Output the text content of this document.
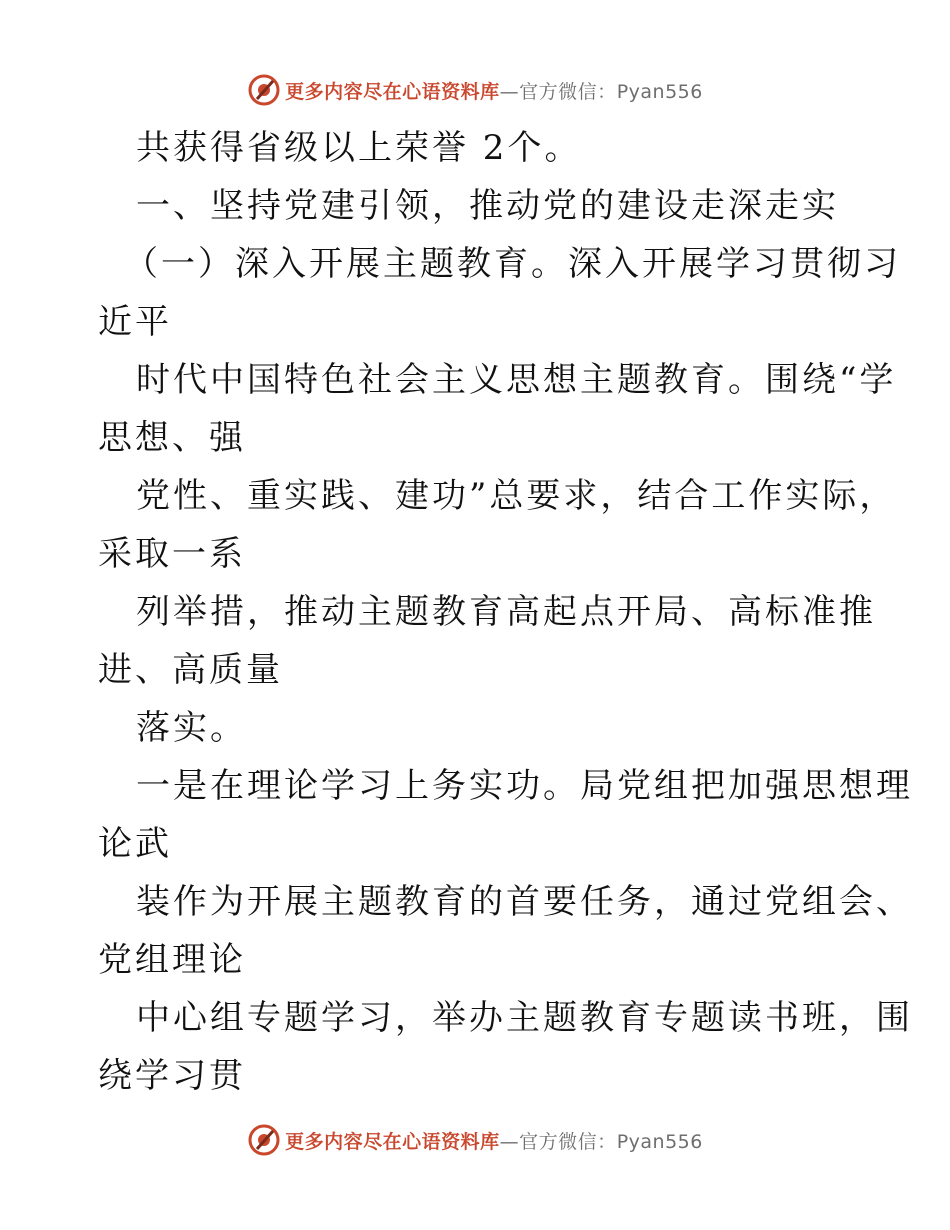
更多内容尽在心语资料库—官方微信：Pyan556
共获得省级以上荣誉 2个。
一、坚持党建引领，推动党的建设走深走实
（一）深入开展主题教育。深入开展学习贯彻习
近平
时代中国特色社会主义思想主题教育。围绕“学
思想、强
党性、重实践、建功”总要求，结合工作实际，
采取一系
列举措，推动主题教育高起点开局、高标准推
进、高质量
落实。
一是在理论学习上务实功。局党组把加强思想理
论武
装作为开展主题教育的首要任务，通过党组会、
党组理论
中心组专题学习，举办主题教育专题读书班，围
绕学习贯
更多内容尽在心语资料库—官方微信：Pyan556
